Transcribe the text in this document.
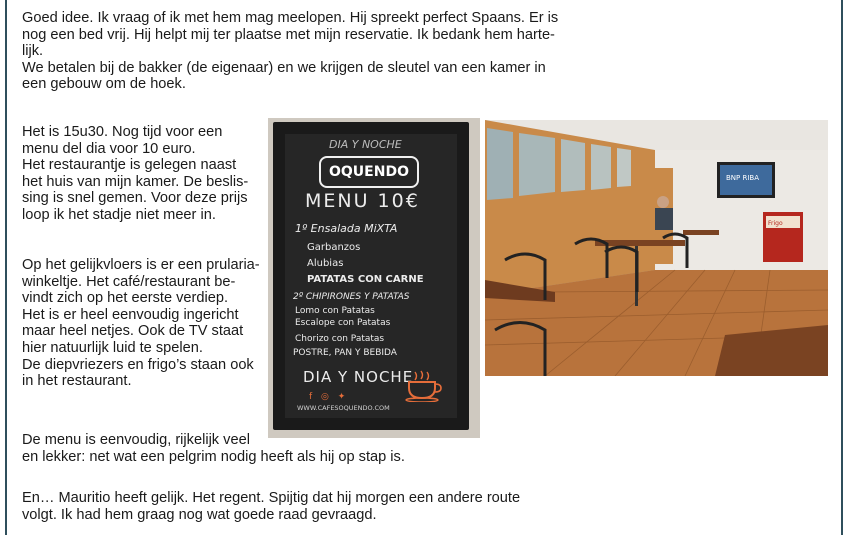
Goed idee. Ik vraag of ik met hem mag meelopen. Hij spreekt perfect Spaans. Er is
nog een bed vrij. Hij helpt mij ter plaatse met mijn reservatie. Ik bedank hem harte-
lijk.
We betalen bij de bakker (de eigenaar) en we krijgen de sleutel van een kamer in
een gebouw om de hoek.
Het is 15u30. Nog tijd voor een
menu del dia voor 10 euro.
Het restaurantje is gelegen naast
het huis van mijn kamer. De beslis-
sing is snel gemen. Voor deze prijs
loop ik het stadje niet meer in.
Op het gelijkvloers is er een prularia-
winkeltje. Het café/restaurant be-
vindt zich op het eerste verdiep.
Het is er heel eenvoudig ingericht
maar heel netjes. Ook de TV staat
hier natuurlijk luid te spelen.
De diepvriezers en frigo’s staan ook
in het restaurant.
De menu is eenvoudig, rijkelijk veel
en lekker: net wat een pelgrim nodig heeft als hij op stap is.
En… Mauritio heeft gelijk. Het regent. Spijtig dat hij morgen een andere route
volgt. Ik had hem graag nog wat goede raad gevraagd.
DIA Y NOCHE
OQUENDO
MENU 10€
1º Ensalada MiXTA
Garbanzos
Alubias
PATATAS CON CARNE
2º CHIPIRONES Y PATATAS
Lomo con Patatas
Escalope con Patatas
Chorizo con Patatas
POSTRE, PAN Y BEBIDA
DIA Y NOCHE
f ◎ ✦
WWW.CAFESOQUENDO.COM
BNP RIBA
Frigo
